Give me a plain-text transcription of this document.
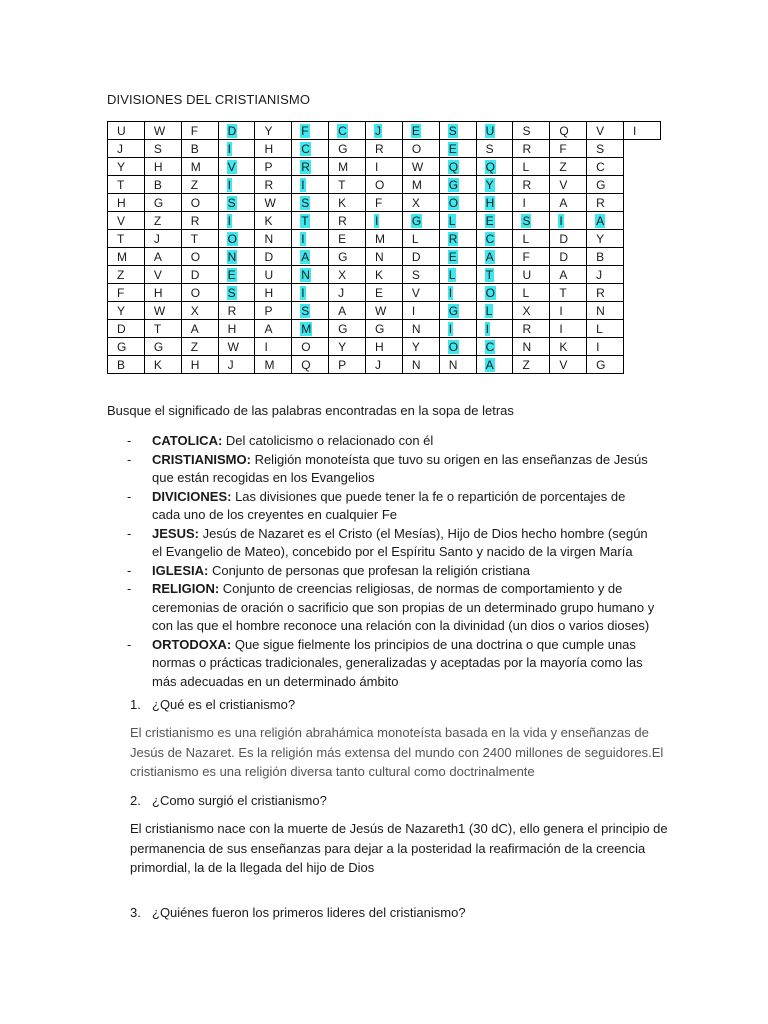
DIVISIONES DEL CRISTIANISMO
U	W	F	D	Y	F	C	J	E	S	U	S	Q	V	I
J	S	B	I	H	C	G	R	O	E	S	R	F	S	
Y	H	M	V	P	R	M	I	W	Q	Q	L	Z	C	
T	B	Z	I	R	I	T	O	M	G	Y	R	V	G	
H	G	O	S	W	S	K	F	X	O	H	I	A	R	
V	Z	R	I	K	T	R	I	G	L	E	S	I	A	
T	J	T	O	N	I	E	M	L	R	C	L	D	Y	
M	A	O	N	D	A	G	N	D	E	A	F	D	B	
Z	V	D	E	U	N	X	K	S	L	T	U	A	J	
F	H	O	S	H	I	J	E	V	I	O	L	T	R	
Y	W	X	R	P	S	A	W	I	G	L	X	I	N	
D	T	A	H	A	M	G	G	N	I	I	R	I	L	
G	G	Z	W	I	O	Y	H	Y	O	C	N	K	I	
B	K	H	J	M	Q	P	J	N	N	A	Z	V	G	
Busque el significado de las palabras encontradas en la sopa de letras
- CATOLICA: Del catolicismo o relacionado con él
- CRISTIANISMO: Religión monoteísta que tuvo su origen en las enseñanzas de Jesús que están recogidas en los Evangelios
- DIVICIONES: Las divisiones que puede tener la fe o repartición de porcentajes de cada uno de los creyentes en cualquier Fe
- JESUS: Jesús de Nazaret es el Cristo (el Mesías), Hijo de Dios hecho hombre (según el Evangelio de Mateo), concebido por el Espíritu Santo y nacido de la virgen María
- IGLESIA: Conjunto de personas que profesan la religión cristiana
- RELIGION: Conjunto de creencias religiosas, de normas de comportamiento y de ceremonias de oración o sacrificio que son propias de un determinado grupo humano y con las que el hombre reconoce una relación con la divinidad (un dios o varios dioses)
- ORTODOXA: Que sigue fielmente los principios de una doctrina o que cumple unas normas o prácticas tradicionales, generalizadas y aceptadas por la mayoría como las más adecuadas en un determinado ámbito
1. ¿Qué es el cristianismo?
El cristianismo es una religión abrahámica monoteísta basada en la vida y enseñanzas de Jesús de Nazaret. Es la religión más extensa del mundo con 2400 millones de seguidores.El cristianismo es una religión diversa tanto cultural como doctrinalmente
2. ¿Como surgió el cristianismo?
El cristianismo nace con la muerte de Jesús de Nazareth1 (30 dC), ello genera el principio de permanencia de sus enseñanzas para dejar a la posteridad la reafirmación de la creencia primordial, la de la llegada del hijo de Dios
3. ¿Quiénes fueron los primeros lideres del cristianismo?
